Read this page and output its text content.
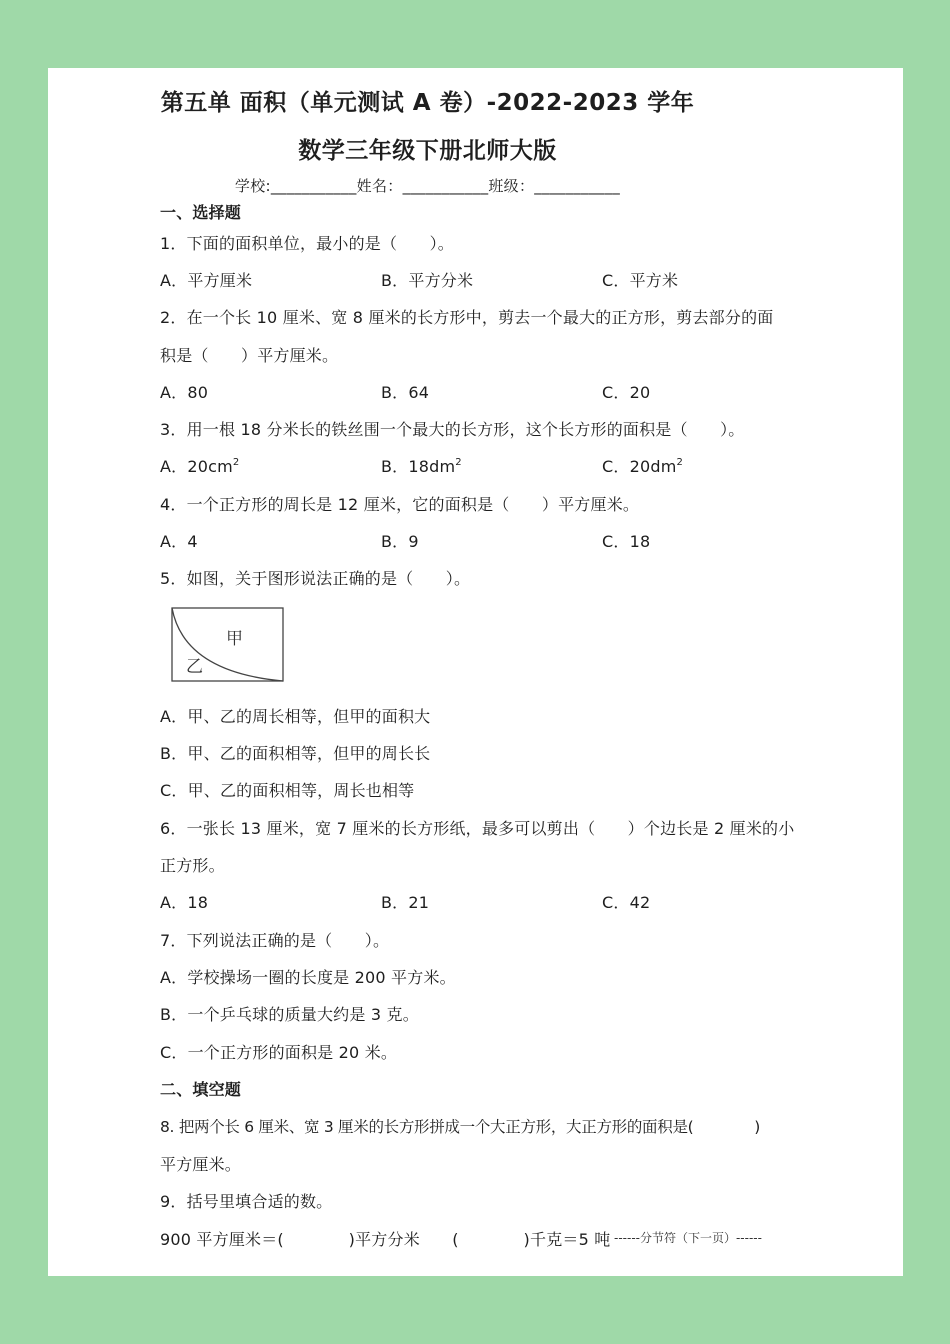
第五单 面积（单元测试 A 卷）-2022-2023 学年
数学三年级下册北师大版
学校:___________姓名：___________班级：___________
一、选择题
1．下面的面积单位，最小的是（　　）。
A．平方厘米	B．平方分米	C．平方米
2．在一个长 10 厘米、宽 8 厘米的长方形中，剪去一个最大的正方形，剪去部分的面
积是（　　）平方厘米。
A．80	B．64	C．20
3．用一根 18 分米长的铁丝围一个最大的长方形，这个长方形的面积是（　　）。
A．$20cm^2$	B．$18dm^2$	C．$20dm^2$
4．一个正方形的周长是 12 厘米，它的面积是（　　）平方厘米。
A．4	B．9	C．18
5．如图，关于图形说法正确的是（　　）。
甲
乙
A．甲、乙的周长相等，但甲的面积大
B．甲、乙的面积相等，但甲的周长长
C．甲、乙的面积相等，周长也相等
6．一张长 13 厘米，宽 7 厘米的长方形纸，最多可以剪出（　　）个边长是 2 厘米的小
正方形。
A．18	B．21	C．42
7．下列说法正确的是（　　）。
A．学校操场一圈的长度是 200 平方米。
B．一个乒乓球的质量大约是 3 克。
C．一个正方形的面积是 20 米。
二、填空题
8. 把两个长 6 厘米、宽 3 厘米的长方形拼成一个大正方形，大正方形的面积是(　　　　)
平方厘米。
9．括号里填合适的数。
900 平方厘米＝(　　　　)平方分米　　(　　　　)千克＝5 吨 ------分节符（下一页）------
